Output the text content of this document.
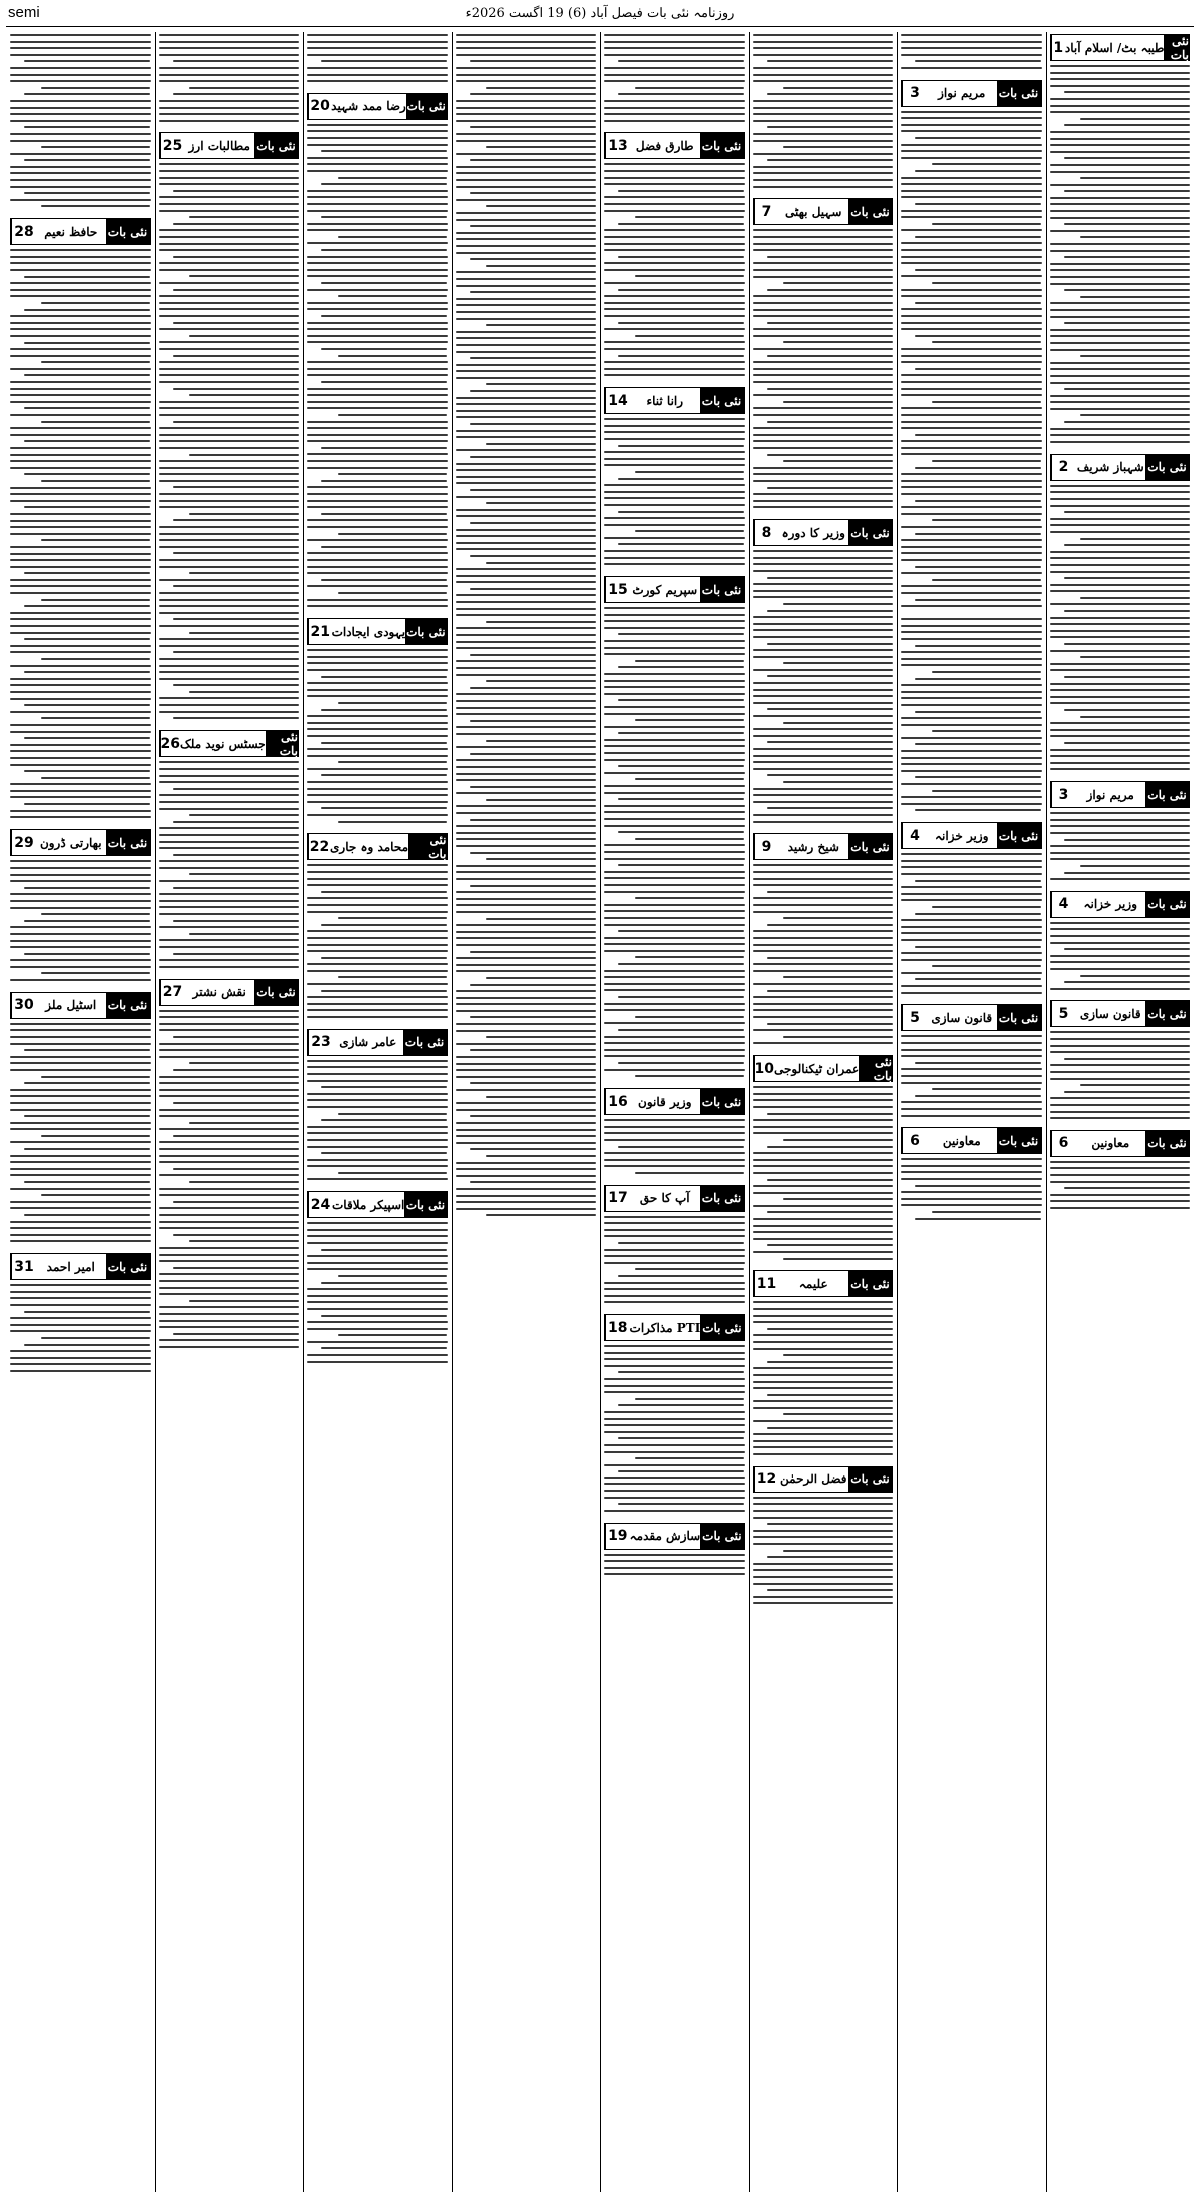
semi	روزنامہ نئی بات فیصل آباد (6) 19 اگست 2026ء
نئی بات
طیبہ بٹ/ اسلام آباد
1
نئی بات
شہباز شریف
2
نئی بات
مریم نواز
3
نئی بات
وزیر خزانہ
4
نئی بات
قانون سازی
5
نئی بات
معاونین
6
نئی بات
مریم نواز
3
نئی بات
وزیر خزانہ
4
نئی بات
قانون سازی
5
نئی بات
معاونین
6
نئی بات
سہیل بھٹی
7
نئی بات
وزیر کا دورہ
8
نئی بات
شیخ رشید
9
نئی بات
عمران ٹیکنالوجی
10
نئی بات
علیمہ
11
نئی بات
فضل الرحمٰن
12
نئی بات
طارق فضل
13
نئی بات
رانا ثناء
14
نئی بات
سپریم کورٹ
15
نئی بات
وزیر قانون
16
نئی بات
آپ کا حق
17
نئی بات
PTI مذاکرات
18
نئی بات
سازش مقدمہ
19
نئی بات
رضا ممد شہید
20
نئی بات
یہودی ایجادات
21
نئی بات
محامد وہ جاری
22
نئی بات
عامر شازی
23
نئی بات
اسپیکر ملاقات
24
نئی بات
مطالبات ارز
25
نئی بات
جسٹس نوید ملک
26
نئی بات
نقش نشتر
27
نئی بات
حافظ نعیم
28
نئی بات
بھارتی ڈرون
29
نئی بات
اسٹیل ملز
30
نئی بات
امیر احمد
31
